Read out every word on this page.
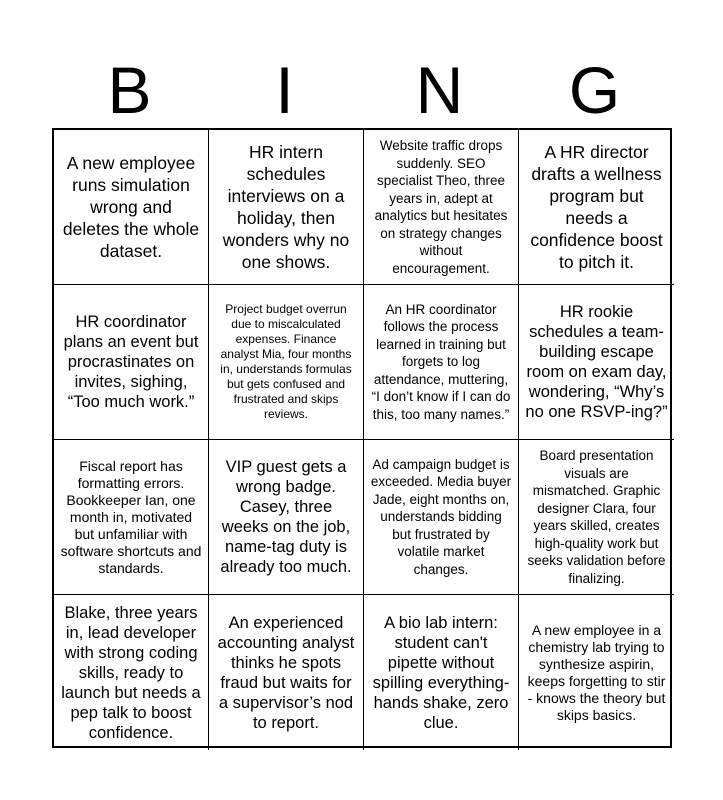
B	I	N	G
A new employee runs simulation wrong and deletes the whole dataset.
HR intern schedules interviews on a holiday, then wonders why no one shows.
Website traffic drops suddenly. SEO specialist Theo, three years in, adept at analytics but hesitates on strategy changes without encouragement.
A HR director drafts a wellness program but needs a confidence boost to pitch it.
HR coordinator plans an event but procrastinates on invites, sighing, “Too much work.”
Project budget overrun due to miscalculated expenses. Finance analyst Mia, four months in, understands formulas but gets confused and frustrated and skips reviews.
An HR coordinator follows the process learned in training but forgets to log attendance, muttering, “I don’t know if I can do this, too many names.”
HR rookie schedules a team-building escape room on exam day, wondering, “Why’s no one RSVP-ing?”
Fiscal report has formatting errors. Bookkeeper Ian, one month in, motivated but unfamiliar with software shortcuts and standards.
VIP guest gets a wrong badge. Casey, three weeks on the job, name-tag duty is already too much.
Ad campaign budget is exceeded. Media buyer Jade, eight months on, understands bidding but frustrated by volatile market changes.
Board presentation visuals are mismatched. Graphic designer Clara, four years skilled, creates high-quality work but seeks validation before finalizing.
Blake, three years in, lead developer with strong coding skills, ready to launch but needs a pep talk to boost confidence.
An experienced accounting analyst thinks he spots fraud but waits for a supervisor’s nod to report.
A bio lab intern: student can't pipette without spilling everything-hands shake, zero clue.
A new employee in a chemistry lab trying to synthesize aspirin, keeps forgetting to stir - knows the theory but skips basics.
